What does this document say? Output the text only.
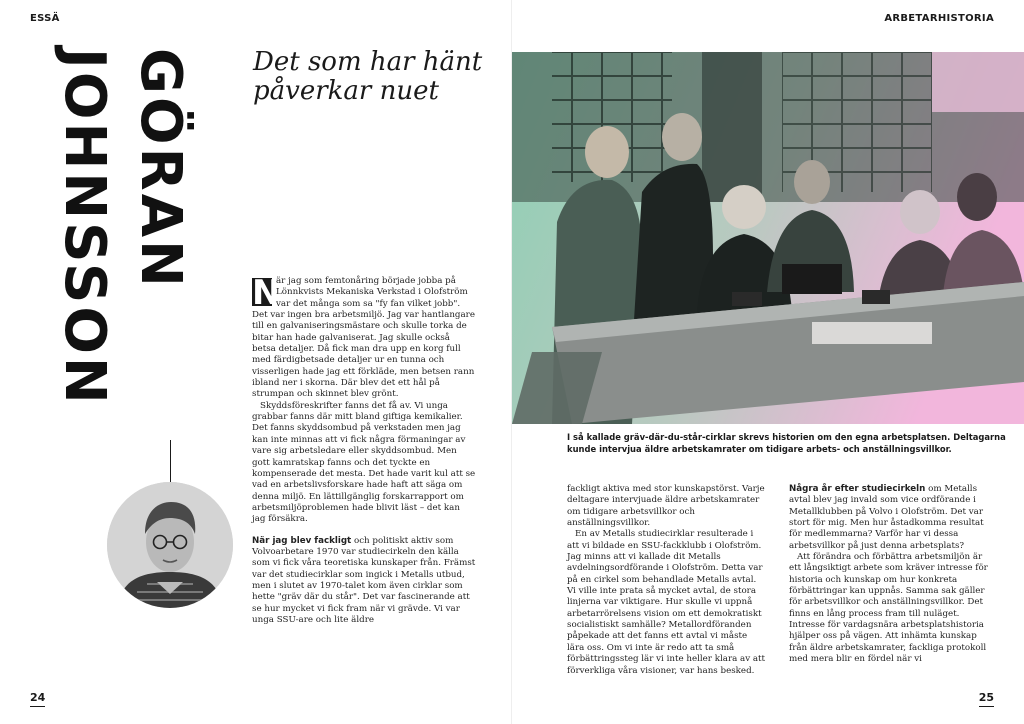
ESSÄ
GÖRAN
JOHNSSON	Det som har hänt påverkar nuet

N
är jag som femtonåring började jobba på Lönnkvists Mekaniska Verkstad i Olofström var det många som sa "fy fan vilket jobb". Det var ingen bra arbetsmiljö. Jag var hantlangare till en galvaniseringsmästare och skulle torka de bitar han hade galvaniserat. Jag skulle också betsa detaljer. Då fick man dra upp en korg full med färdigbetsade detaljer ur en tunna och visserligen hade jag ett förkläde, men betsen rann ibland ner i skorna. Där blev det ett hål på strumpan och skinnet blev grönt.

Skyddsföreskrifter fanns det få av. Vi unga grabbar fanns där mitt bland giftiga kemikalier. Det fanns skyddsombud på verkstaden men jag kan inte minnas att vi fick några förmaningar av vare sig arbetsledare eller skyddsombud. Men gott kamratskap fanns och det tyckte en kompenserade det mesta. Det hade varit kul att se vad en arbetslivsforskare hade haft att säga om denna miljö. En lättillgänglig forskarrapport om arbetsmiljöproblemen hade blivit läst – det kan jag försäkra.

När jag blev fackligt och politiskt aktiv som Volvoarbetare 1970 var studiecirkeln den källa som vi fick våra teoretiska kunskaper från. Främst var det studiecirklar som ingick i Metalls utbud, men i slutet av 1970-talet kom även cirklar som hette "gräv där du står". Det var fascinerande att se hur mycket vi fick fram när vi grävde. Vi var unga SSU-are och lite äldre

24
ARBETARHISTORIA
25
I så kallade gräv-där-du-står-cirklar skrevs historien om den egna arbetsplatsen. Deltagarna kunde intervjua äldre arbetskamrater om tidigare arbets- och anställningsvillkor.

fackligt aktiva med stor kunskapstörst. Varje deltagare intervjuade äldre arbetskamrater om tidigare arbetsvillkor och anställningsvillkor.

En av Metalls studiecirklar resulterade i att vi bildade en SSU-fackklubb i Olofström. Jag minns att vi kallade dit Metalls avdelningsordförande i Olofström. Detta var på en cirkel som behandlade Metalls avtal. Vi ville inte prata så mycket avtal, de stora linjerna var viktigare. Hur skulle vi uppnå arbetarrörelsens vision om ett demokratiskt socialistiskt samhälle? Metallordföranden påpekade att det fanns ett avtal vi måste lära oss. Om vi inte är redo att ta små förbättringssteg lär vi inte heller klara av att förverkliga våra visioner, var hans besked.

Några år efter studiecirkeln om Metalls avtal blev jag invald som vice ordförande i Metallklubben på Volvo i Olofström. Det var stort för mig. Men hur åstadkomma resultat för medlemmarna? Varför har vi dessa arbetsvillkor på just denna arbetsplats?

Att förändra och förbättra arbetsmiljön är ett långsiktigt arbete som kräver intresse för historia och kunskap om hur konkreta förbättringar kan uppnås. Samma sak gäller för arbetsvillkor och anställningsvillkor. Det finns en lång process fram till nuläget. Intresse för vardagsnära arbetsplatshistoria hjälper oss på vägen. Att inhämta kunskap från äldre arbetskamrater, fackliga protokoll med mera blir en fördel när vi
